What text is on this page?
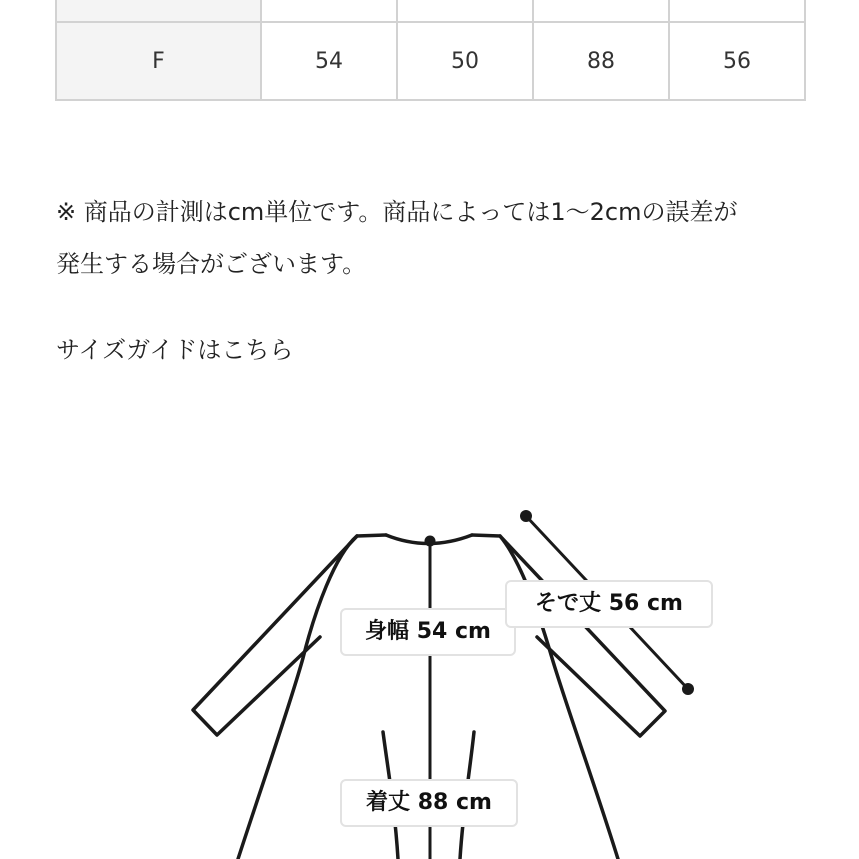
F	54	50	88	56

※ 商品の計測はcm単位です。商品によっては1〜2cmの誤差が
発生する場合がございます。

サイズガイドはこちら
身幅 54 cm
そで丈 56 cm
着丈 88 cm
